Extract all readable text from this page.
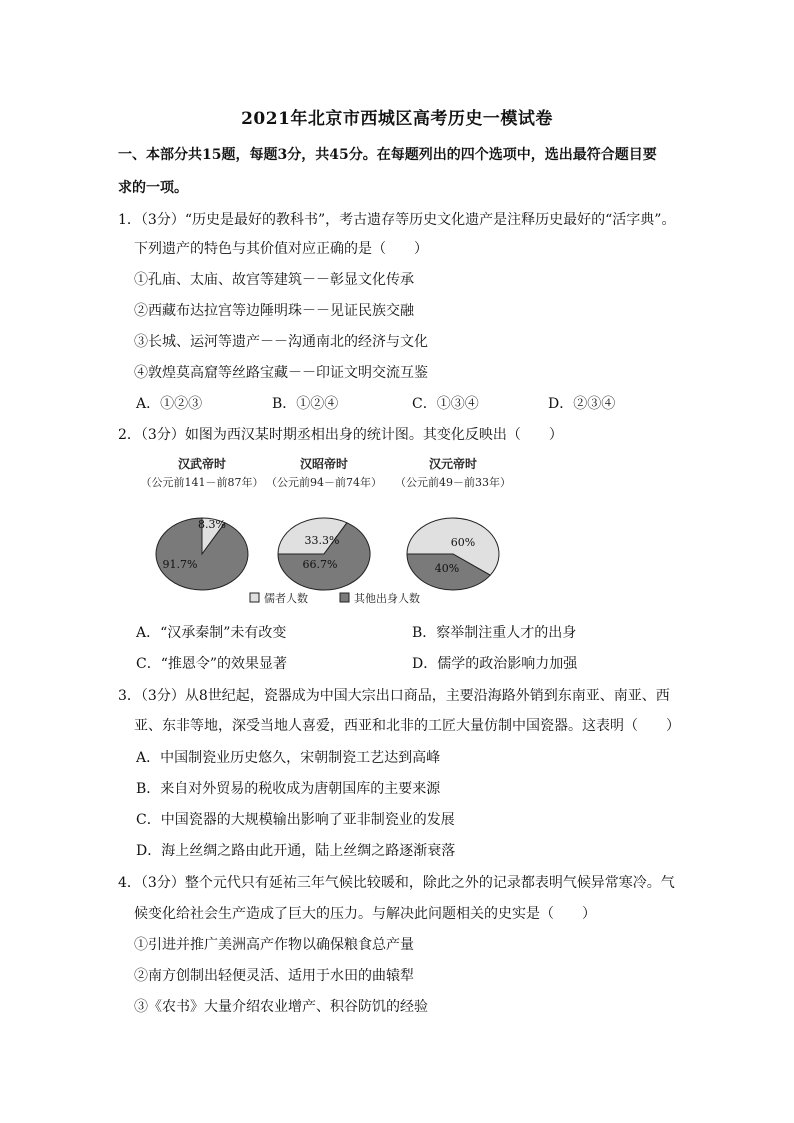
2021年北京市西城区高考历史一模试卷
一、本部分共15题，每题3分，共45分。在每题列出的四个选项中，选出最符合题目要
求的一项。
1．（3分）“历史是最好的教科书”，考古遗存等历史文化遗产是注释历史最好的“活字典”。
下列遗产的特色与其价值对应正确的是（　　）
①孔庙、太庙、故宫等建筑－－彰显文化传承
②西藏布达拉宫等边陲明珠－－见证民族交融
③长城、运河等遗产－－沟通南北的经济与文化
④敦煌莫高窟等丝路宝藏－－印证文明交流互鉴
A．①②③	B．①②④	C．①③④	D．②③④
2．（3分）如图为西汉某时期丞相出身的统计图。其变化反映出（　　）
汉武帝时
（公元前141－前87年）
8.3%
91.7%
汉昭帝时
（公元前94－前74年）
33.3%
66.7%
汉元帝时
（公元前49－前33年）
60%
40%
儒者人数	其他出身人数
A．“汉承秦制”未有改变	B．察举制注重人才的出身
C．“推恩令”的效果显著	D．儒学的政治影响力加强
3．（3分）从8世纪起，瓷器成为中国大宗出口商品，主要沿海路外销到东南亚、南亚、西
亚、东非等地，深受当地人喜爱，西亚和北非的工匠大量仿制中国瓷器。这表明（　　）
A．中国制瓷业历史悠久，宋朝制瓷工艺达到高峰
B．来自对外贸易的税收成为唐朝国库的主要来源
C．中国瓷器的大规模输出影响了亚非制瓷业的发展
D．海上丝绸之路由此开通，陆上丝绸之路逐渐衰落
4．（3分）整个元代只有延祐三年气候比较暖和，除此之外的记录都表明气候异常寒冷。气
候变化给社会生产造成了巨大的压力。与解决此问题相关的史实是（　　）
①引进并推广美洲高产作物以确保粮食总产量
②南方创制出轻便灵活、适用于水田的曲辕犁
③《农书》大量介绍农业增产、积谷防饥的经验
